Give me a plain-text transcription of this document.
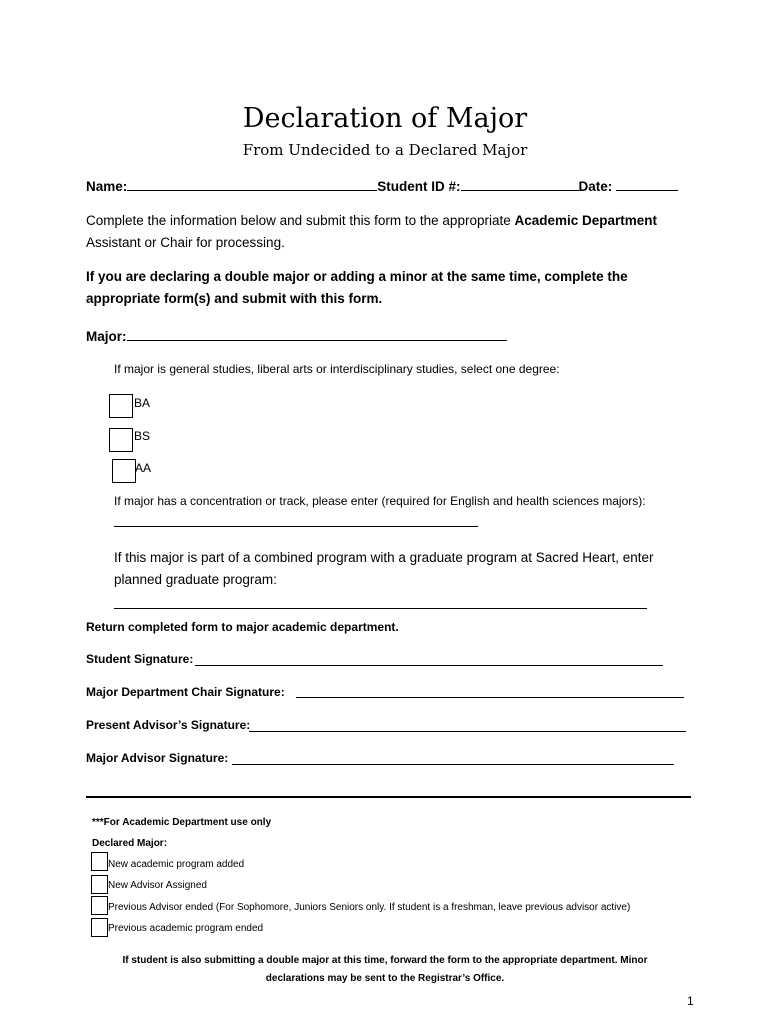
Declaration of Major
From Undecided to a Declared Major
Name:	Student ID #:	Date:
Complete the information below and submit this form to the appropriate Academic Department
Assistant or Chair for processing.
If you are declaring a double major or adding a minor at the same time, complete the
appropriate form(s) and submit with this form.
Major:
If major is general studies, liberal arts or interdisciplinary studies, select one degree:
BA
BS
AA
If major has a concentration or track, please enter (required for English and health sciences majors):
If this major is part of a combined program with a graduate program at Sacred Heart, enter
planned graduate program:
Return completed form to major academic department.
Student Signature:
Major Department Chair Signature:
Present Advisor’s Signature:
Major Advisor Signature:
***For Academic Department use only
Declared Major:
New academic program added
New Advisor Assigned
Previous Advisor ended (For Sophomore, Juniors Seniors only. If student is a freshman, leave previous advisor active)
Previous academic program ended
If student is also submitting a double major at this time, forward the form to the appropriate department. Minor
declarations may be sent to the Registrar’s Office.
1
